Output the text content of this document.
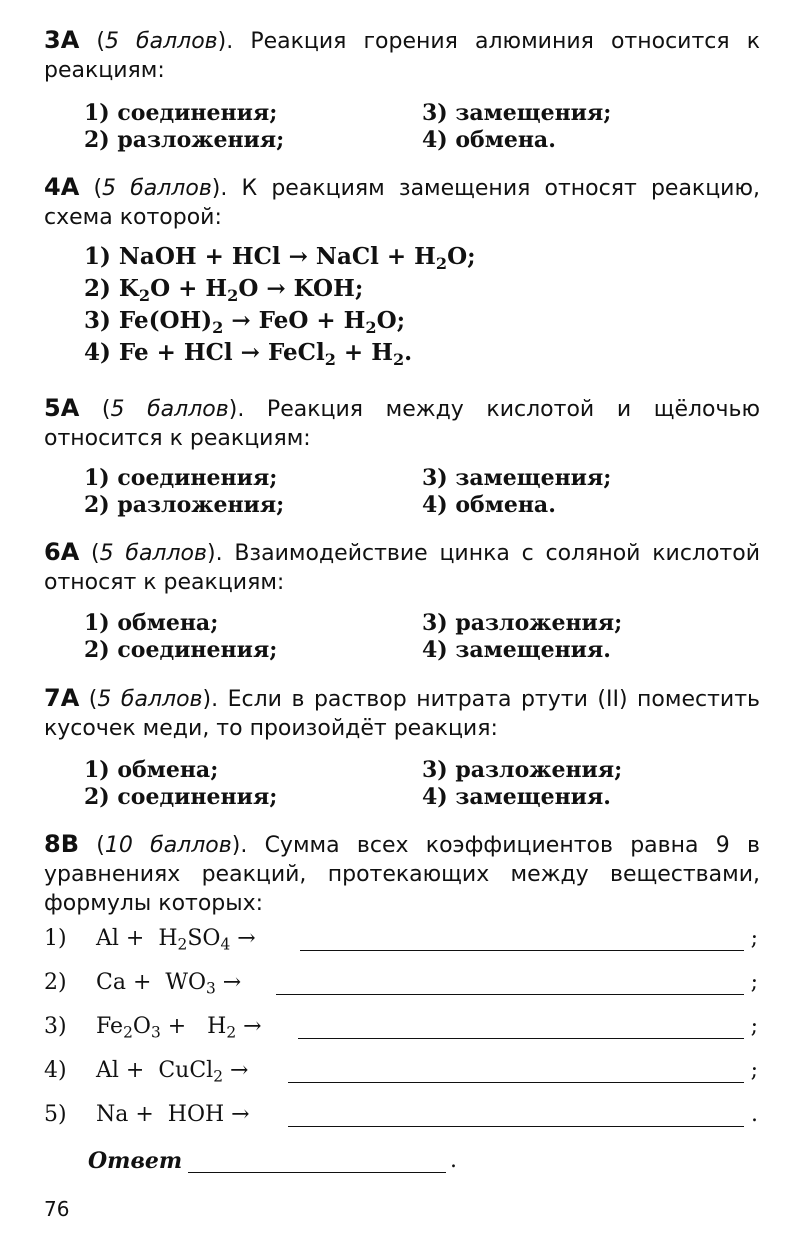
3A (5 баллов). Реакция горения алюминия относится к реакциям:
1) соединения;	3) замещения;
2) разложения;	4) обмена.
4A (5 баллов). К реакциям замещения относят реакцию, схема которой:
1) NaOH + HCl → NaCl + $H_2O$;
2) $K_2O + H_2O$ → KOH;
3) $Fe(OH)_2$ → FeO + $H_2O$;
4) Fe + HCl → FeCl$_2$ + $H_2$.
5A (5 баллов). Реакция между кислотой и щёлочью относится к реакциям:
1) соединения;	3) замещения;
2) разложения;	4) обмена.
6A (5 баллов). Взаимодействие цинка с соляной кислотой относят к реакциям:
1) обмена;	3) разложения;
2) соединения;	4) замещения.
7A (5 баллов). Если в раствор нитрата ртути (II) поместить кусочек меди, то произойдёт реакция:
1) обмена;	3) разложения;
2) соединения;	4) замещения.
8B (10 баллов). Сумма всех коэффициентов равна 9 в уравнениях реакций, протекающих между веществами, формулы которых:
1) $Al + H_2SO_4$ →	;
2) $Ca + WO_3$ →	;
3) $Fe_2O_3 + H_2$ →	;
4) Al +  CuCl$_2$ →	;
5) Na +  HOH →	.
Ответ	.
76
